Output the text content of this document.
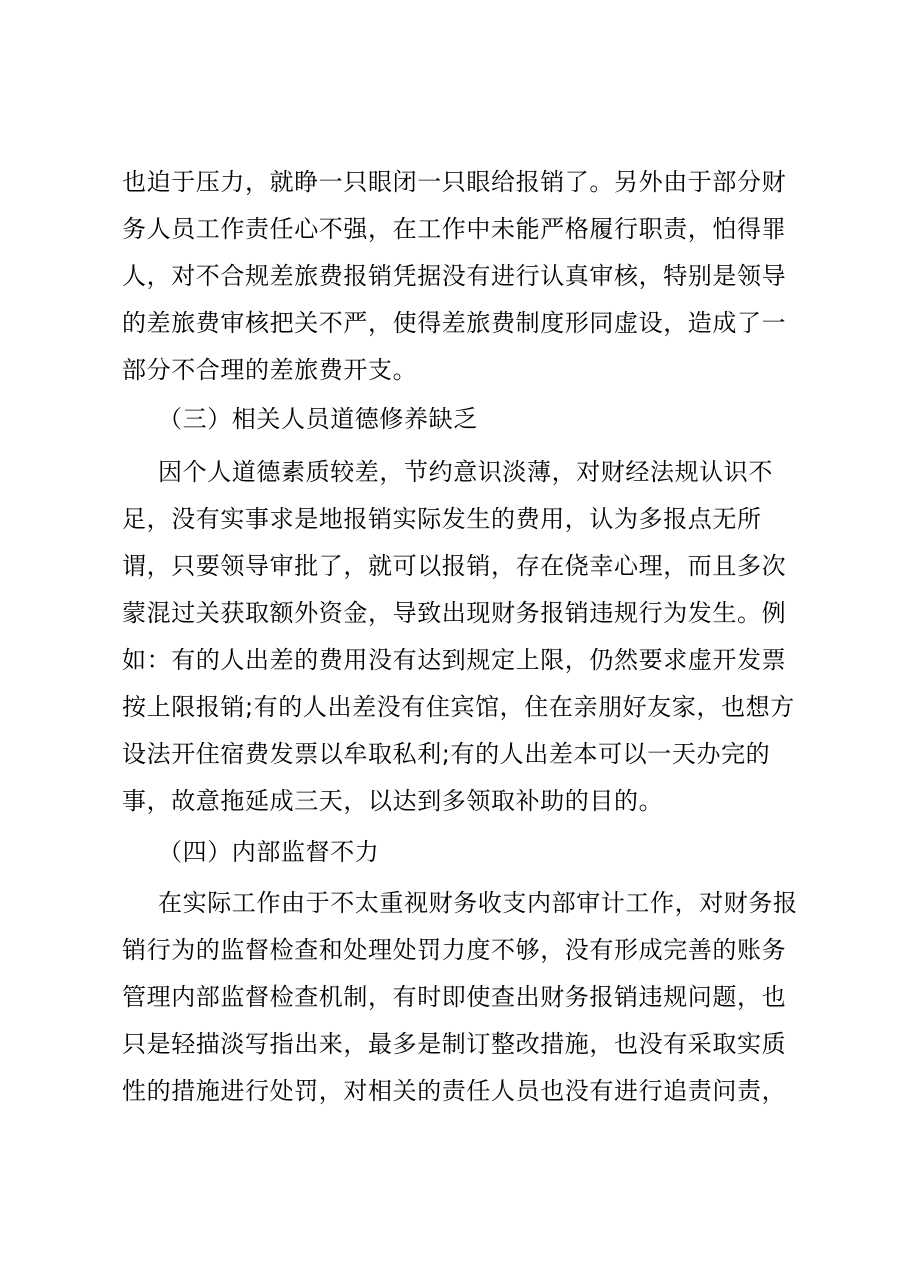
也迫于压力，就睁一只眼闭一只眼给报销了。另外由于部分财
务人员工作责任心不强，在工作中未能严格履行职责，怕得罪
人，对不合规差旅费报销凭据没有进行认真审核，特别是领导
的差旅费审核把关不严，使得差旅费制度形同虚设，造成了一
部分不合理的差旅费开支。
（三）相关人员道德修养缺乏
因个人道德素质较差，节约意识淡薄，对财经法规认识不
足，没有实事求是地报销实际发生的费用，认为多报点无所
谓，只要领导审批了，就可以报销，存在侥幸心理，而且多次
蒙混过关获取额外资金，导致出现财务报销违规行为发生。例
如：有的人出差的费用没有达到规定上限，仍然要求虚开发票
按上限报销;有的人出差没有住宾馆，住在亲朋好友家，也想方
设法开住宿费发票以牟取私利;有的人出差本可以一天办完的
事，故意拖延成三天，以达到多领取补助的目的。
（四）内部监督不力
在实际工作由于不太重视财务收支内部审计工作，对财务报
销行为的监督检查和处理处罚力度不够，没有形成完善的账务
管理内部监督检查机制，有时即使查出财务报销违规问题，也
只是轻描淡写指出来，最多是制订整改措施，也没有采取实质
性的措施进行处罚，对相关的责任人员也没有进行追责问责，
